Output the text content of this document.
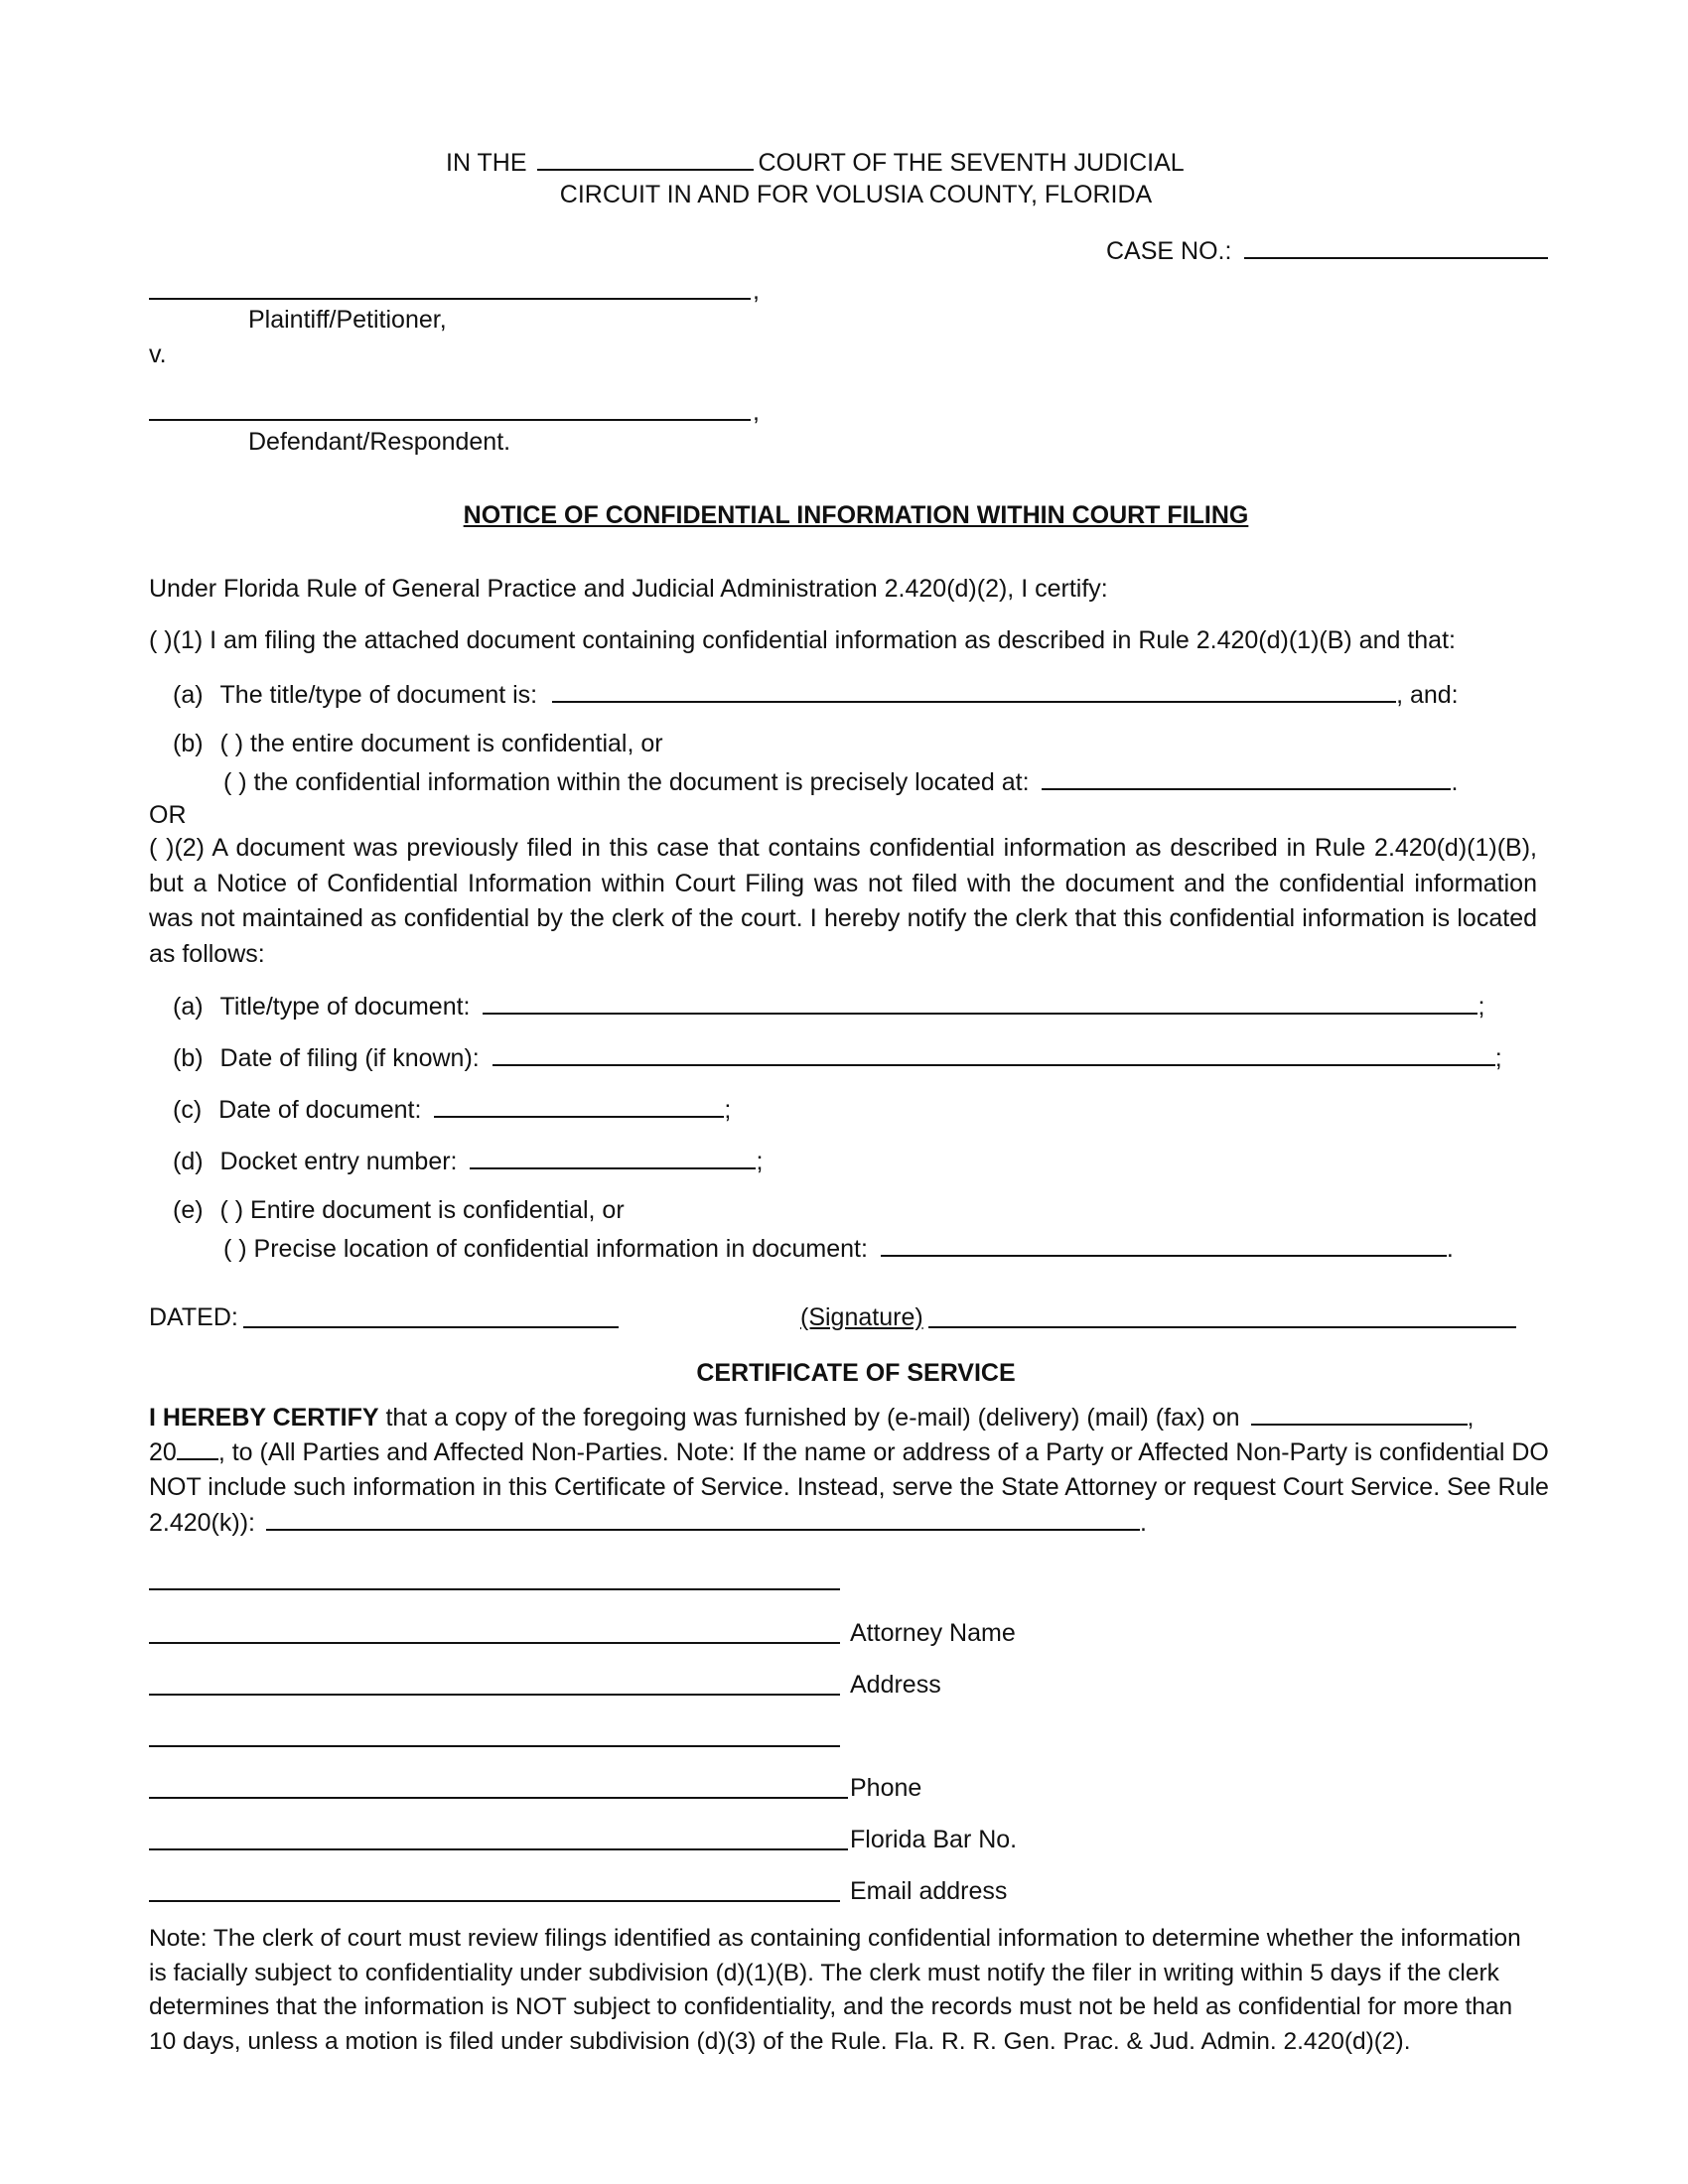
IN THE	COURT OF THE SEVENTH JUDICIAL
CIRCUIT IN AND FOR VOLUSIA COUNTY, FLORIDA
CASE NO.:
,
Plaintiff/Petitioner,
v.
,
Defendant/Respondent.
NOTICE OF CONFIDENTIAL INFORMATION WITHIN COURT FILING
Under Florida Rule of General Practice and Judicial Administration 2.420(d)(2), I certify:
( )(1) I am filing the attached document containing confidential information as described in Rule 2.420(d)(1)(B) and that:
(a) The title/type of document is:	, and:
(b) ( ) the entire document is confidential, or
( ) the confidential information within the document is precisely located at:	.
OR
( )(2) A document was previously filed in this case that contains confidential information as described in Rule 2.420(d)(1)(B), but a Notice of Confidential Information within Court Filing was not filed with the document and the confidential information was not maintained as confidential by the clerk of the court. I hereby notify the clerk that this confidential information is located as follows:
(a) Title/type of document:	;
(b) Date of filing (if known):	;
(c) Date of document:	;
(d) Docket entry number:	;
(e) ( ) Entire document is confidential, or
( ) Precise location of confidential information in document:	.
DATED:	(Signature)
CERTIFICATE OF SERVICE
I HEREBY CERTIFY that a copy of the foregoing was furnished by (e-mail) (delivery) (mail) (fax) on	,
20 , to (All Parties and Affected Non-Parties. Note: If the name or address of a Party or Affected Non-Party is confidential DO NOT include such information in this Certificate of Service. Instead, serve the State Attorney or request Court Service. See Rule 2.420(k)):	.
Attorney Name
Address
Phone
Florida Bar No.
Email address
Note: The clerk of court must review filings identified as containing confidential information to determine whether the information is facially subject to confidentiality under subdivision (d)(1)(B). The clerk must notify the filer in writing within 5 days if the clerk determines that the information is NOT subject to confidentiality, and the records must not be held as confidential for more than 10 days, unless a motion is filed under subdivision (d)(3) of the Rule. Fla. R. R. Gen. Prac. & Jud. Admin. 2.420(d)(2).
